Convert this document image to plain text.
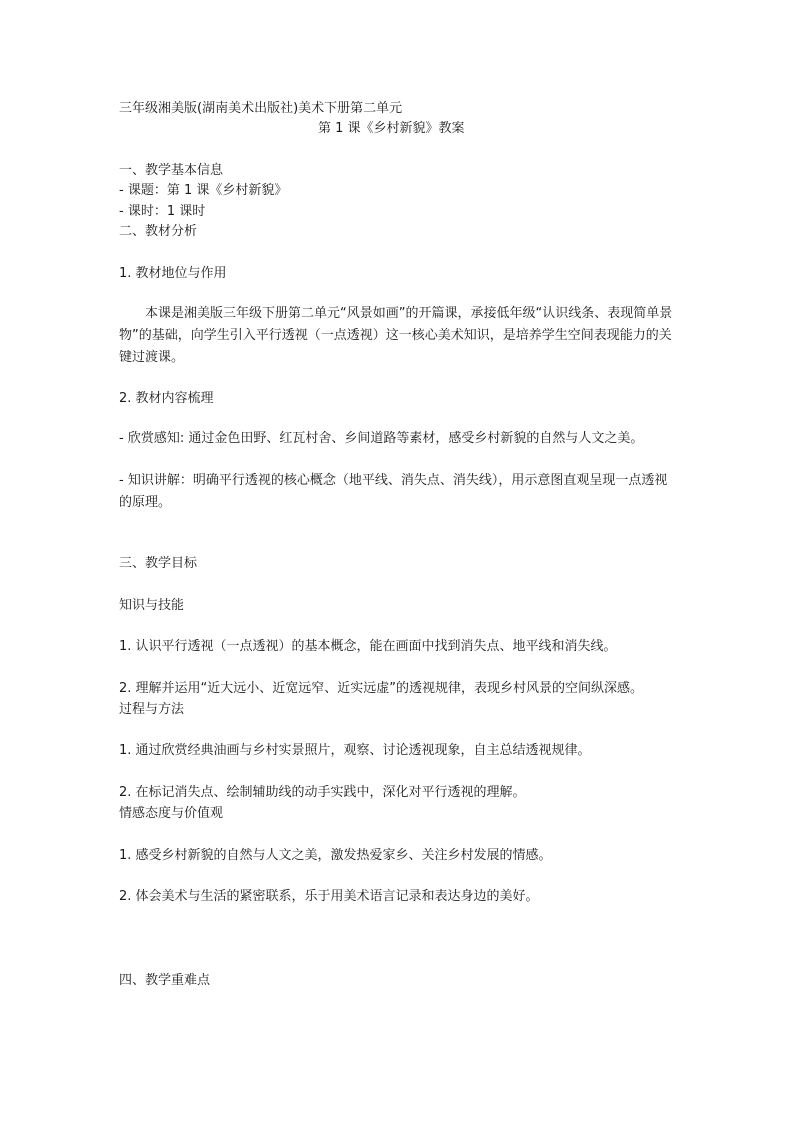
三年级湘美版(湖南美术出版社)美术下册第二单元
第 1 课《乡村新貌》教案
一、教学基本信息
- 课题：第 1 课《乡村新貌》
- 课时：1 课时
二、教材分析
1. 教材地位与作用
本课是湘美版三年级下册第二单元“风景如画”的开篇课，承接低年级“认识线条、表现简单景物”的基础，向学生引入平行透视（一点透视）这一核心美术知识，是培养学生空间表现能力的关键过渡课。
2. 教材内容梳理
- 欣赏感知: 通过金色田野、红瓦村舍、乡间道路等素材，感受乡村新貌的自然与人文之美。
- 知识讲解：明确平行透视的核心概念（地平线、消失点、消失线），用示意图直观呈现一点透视的原理。
三、教学目标
知识与技能
1. 认识平行透视（一点透视）的基本概念，能在画面中找到消失点、地平线和消失线。
2. 理解并运用“近大远小、近宽远窄、近实远虚”的透视规律，表现乡村风景的空间纵深感。
过程与方法
1. 通过欣赏经典油画与乡村实景照片，观察、讨论透视现象，自主总结透视规律。
2. 在标记消失点、绘制辅助线的动手实践中，深化对平行透视的理解。
情感态度与价值观
1. 感受乡村新貌的自然与人文之美，激发热爱家乡、关注乡村发展的情感。
2. 体会美术与生活的紧密联系，乐于用美术语言记录和表达身边的美好。
四、教学重难点
